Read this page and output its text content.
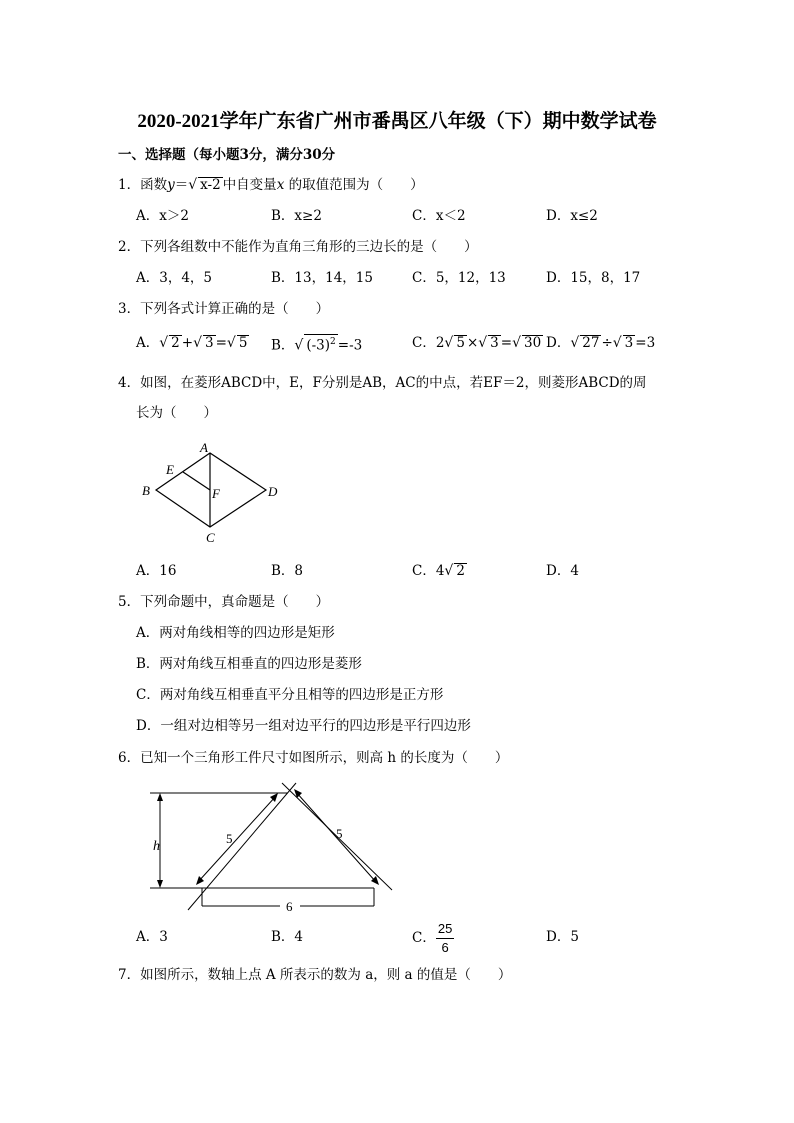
2020-2021学年广东省广州市番禺区八年级（下）期中数学试卷
一、选择题（每小题3分，满分30分
1．函数y＝√ x-2 中自变量x 的取值范围为（　　）
A．x＞2	B．x≥2	C．x＜2	D．x≤2
2．下列各组数中不能作为直角三角形的三边长的是（　　）
A．3，4，5	B．13，14，15	C．5，12，13	D．15，8，17
3．下列各式计算正确的是（　　）
A．√ 2 +√ 3 =√ 5 B．√ $(-3)^2 =-3$	C．2√ 5 ×√ 3 =√ 30 D．√ 27 ÷√ 3 =3
4．如图，在菱形ABCD中，E，F分别是AB，AC的中点，若EF＝2，则菱形ABCD的周
长为（　　）
A
B
C
D
E
F
A．16	B．8	C．4√ 2	D．4
5．下列命题中，真命题是（　　）
A．两对角线相等的四边形是矩形
B．两对角线互相垂直的四边形是菱形
C．两对角线互相垂直平分且相等的四边形是正方形
D．一组对边相等另一组对边平行的四边形是平行四边形
6．已知一个三角形工件尺寸如图所示，则高 h 的长度为（　　）
h
6
5	5
A．3	B．4	C． $\frac{25}{6}$	D．5
7．如图所示，数轴上点 A 所表示的数为 a，则 a 的值是（　　）
